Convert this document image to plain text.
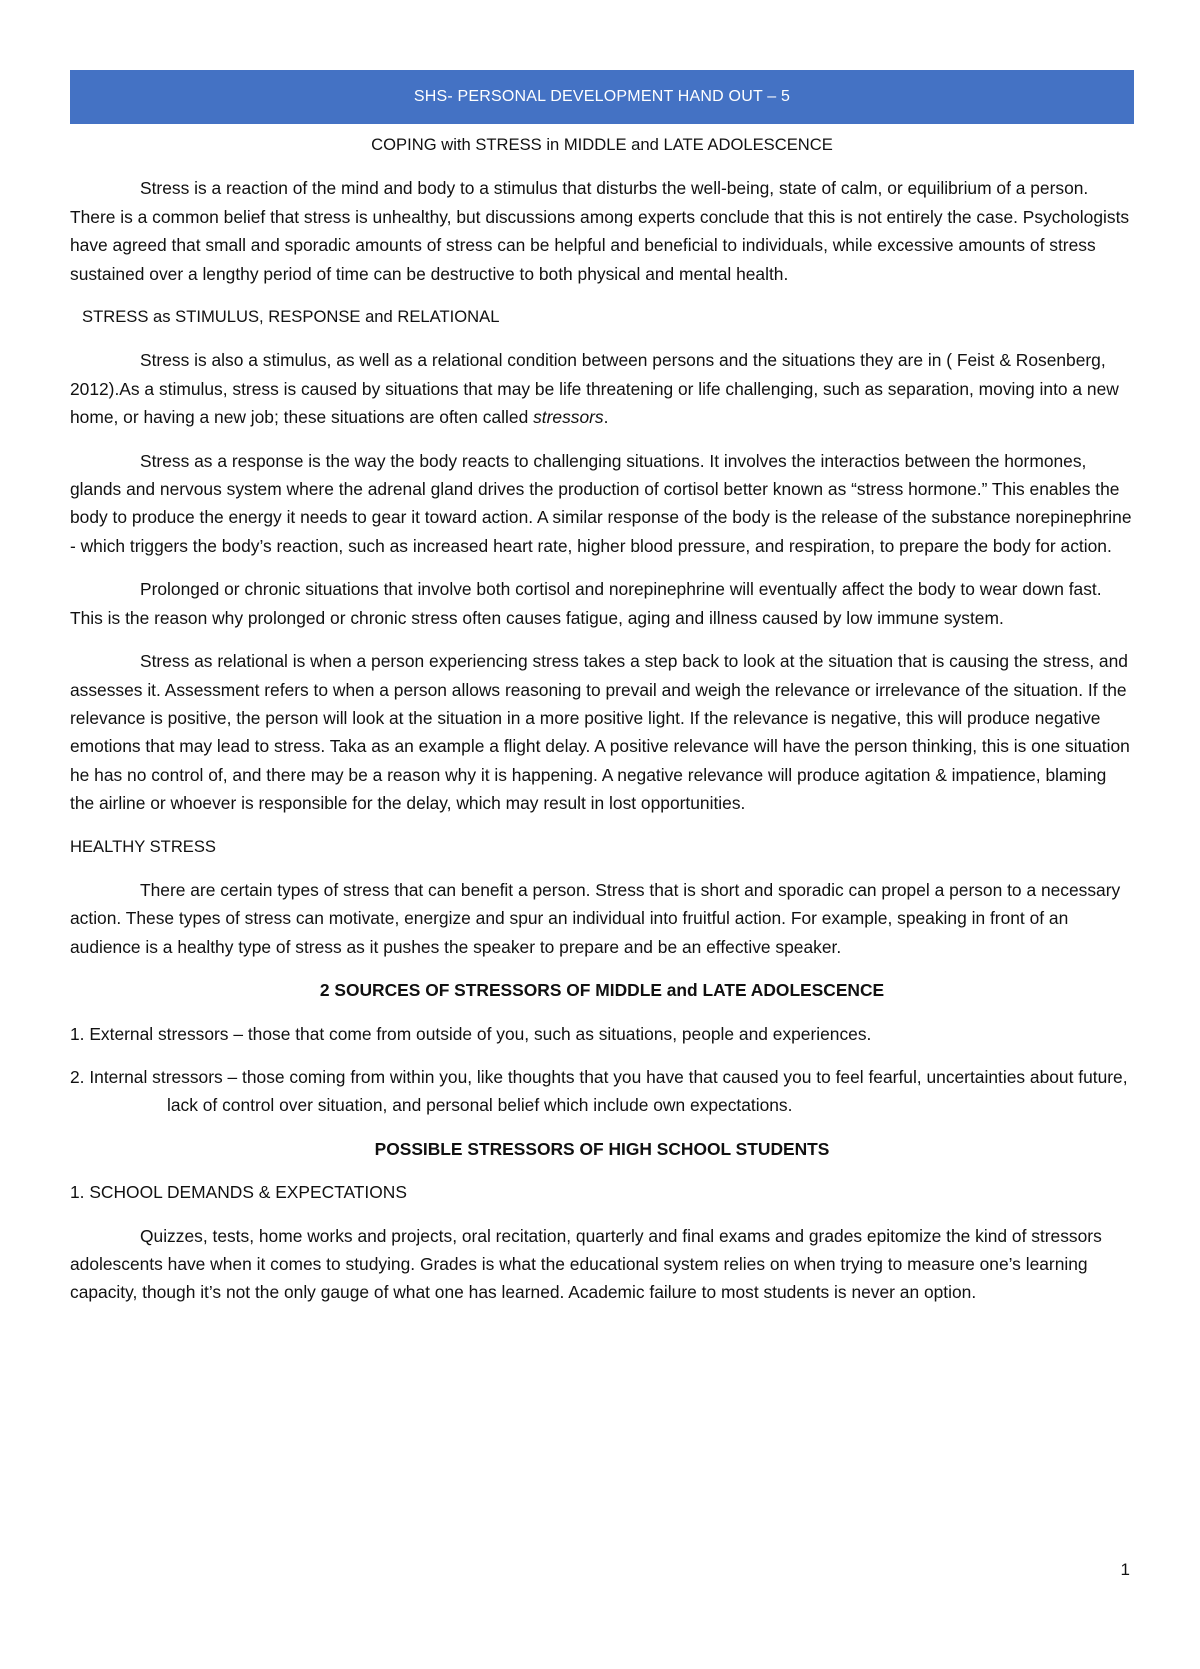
SHS- PERSONAL DEVELOPMENT HAND OUT – 5

COPING with STRESS in MIDDLE and LATE ADOLESCENCE

Stress is a reaction of the mind and body to a stimulus that disturbs the well-being, state of calm, or equilibrium of a person. There is a common belief that stress is unhealthy, but discussions among experts conclude that this is not entirely the case. Psychologists have agreed that small and sporadic amounts of stress can be helpful and beneficial to individuals, while excessive amounts of stress sustained over a lengthy period of time can be destructive to both physical and mental health.

STRESS as STIMULUS, RESPONSE and RELATIONAL

Stress is also a stimulus, as well as a relational condition between persons and the situations they are in ( Feist & Rosenberg, 2012).As a stimulus, stress is caused by situations that may be life threatening or life challenging, such as separation, moving into a new home, or having a new job; these situations are often called stressors.

Stress as a response is the way the body reacts to challenging situations. It involves the interactios between the hormones, glands and nervous system where the adrenal gland drives the production of cortisol better known as “stress hormone.” This enables the body to produce the energy it needs to gear it toward action. A similar response of the body is the release of the substance norepinephrine - which triggers the body’s reaction, such as increased heart rate, higher blood pressure, and respiration, to prepare the body for action.

Prolonged or chronic situations that involve both cortisol and norepinephrine will eventually affect the body to wear down fast. This is the reason why prolonged or chronic stress often causes fatigue, aging and illness caused by low immune system.

Stress as relational is when a person experiencing stress takes a step back to look at the situation that is causing the stress, and assesses it. Assessment refers to when a person allows reasoning to prevail and weigh the relevance or irrelevance of the situation. If the relevance is positive, the person will look at the situation in a more positive light. If the relevance is negative, this will produce negative emotions that may lead to stress. Taka as an example a flight delay. A positive relevance will have the person thinking, this is one situation he has no control of, and there may be a reason why it is happening. A negative relevance will produce agitation & impatience, blaming the airline or whoever is responsible for the delay, which may result in lost opportunities.

HEALTHY STRESS

There are certain types of stress that can benefit a person. Stress that is short and sporadic can propel a person to a necessary action. These types of stress can motivate, energize and spur an individual into fruitful action. For example, speaking in front of an audience is a healthy type of stress as it pushes the speaker to prepare and be an effective speaker.

2 SOURCES OF STRESSORS OF MIDDLE and LATE ADOLESCENCE

1. External stressors – those that come from outside of you, such as situations, people and experiences.

2. Internal stressors – those coming from within you, like thoughts that you have that caused you to feel fearful, uncertainties about future, lack of control over situation, and personal belief which include own expectations.

POSSIBLE STRESSORS OF HIGH SCHOOL STUDENTS

1. SCHOOL DEMANDS & EXPECTATIONS

Quizzes, tests, home works and projects, oral recitation, quarterly and final exams and grades epitomize the kind of stressors adolescents have when it comes to studying. Grades is what the educational system relies on when trying to measure one’s learning capacity, though it’s not the only gauge of what one has learned. Academic failure to most students is never an option.

1
